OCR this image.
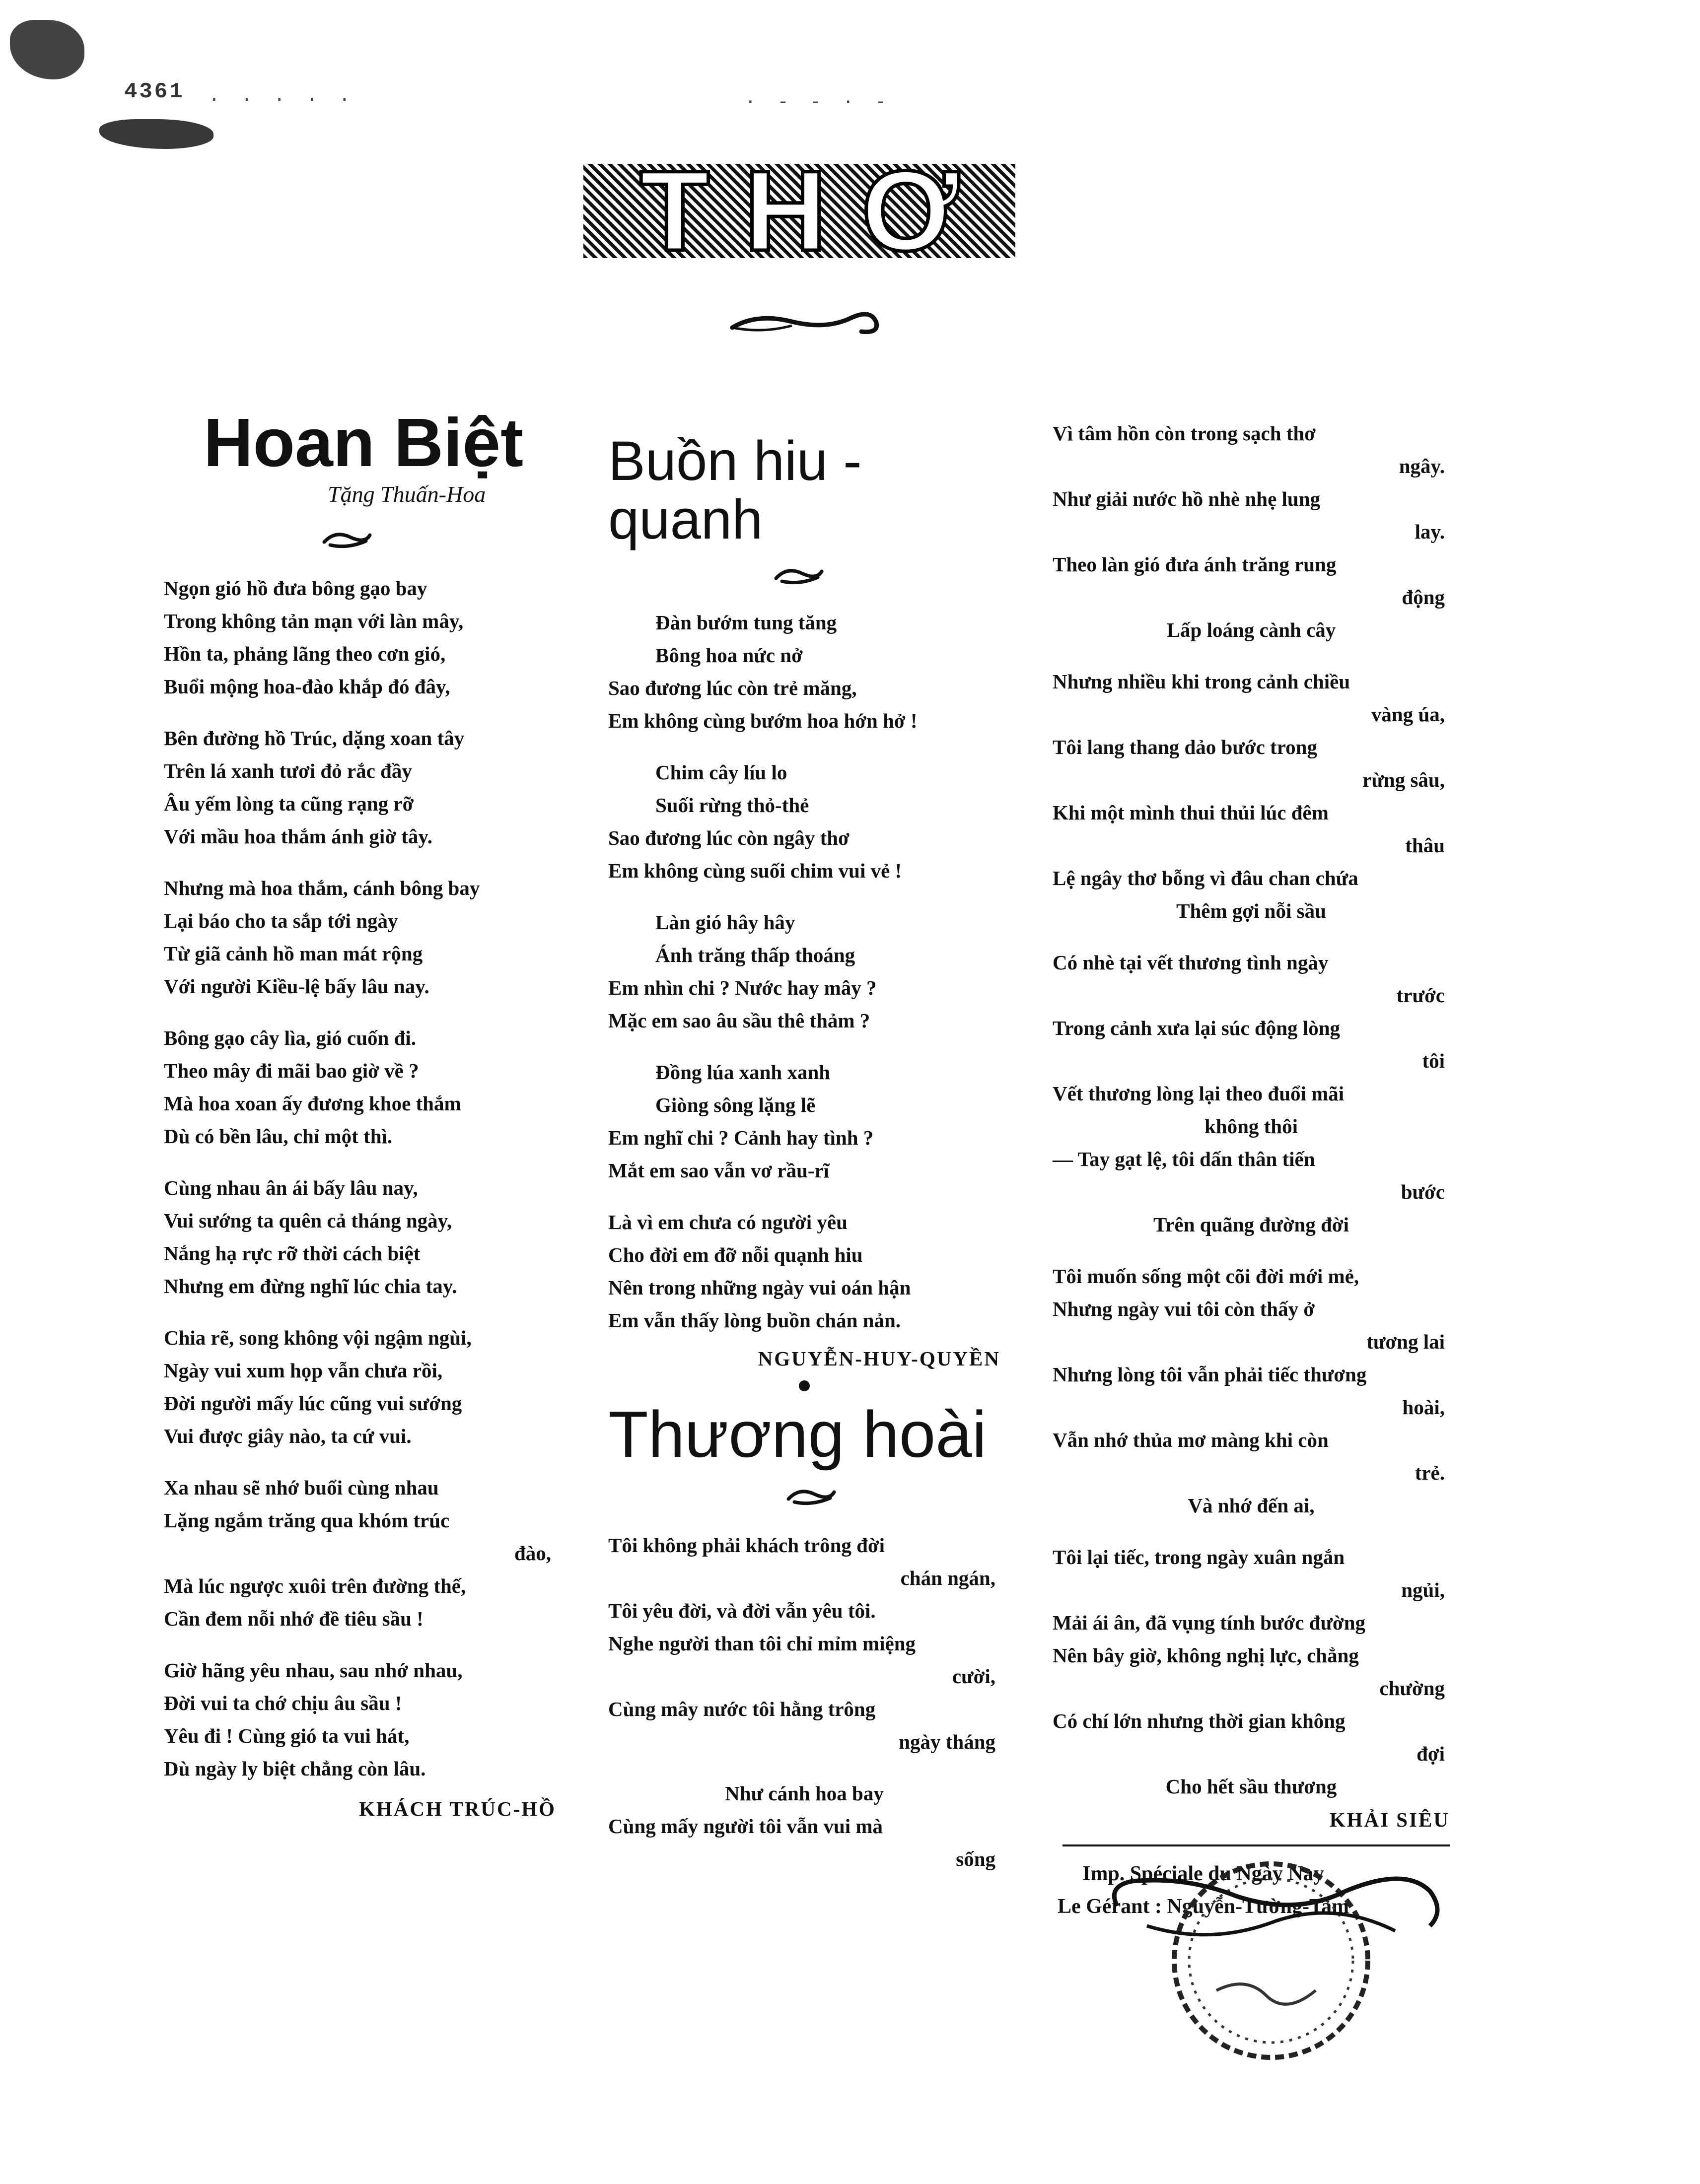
4361 · · · · ·	· - - · -
THƠ
Hoan Biệt
Tặng Thuấn-Hoa
Ngọn gió hồ đưa bông gạo bay
Trong không tản mạn với làn mây,
Hồn ta, phảng lãng theo cơn gió,
Buổi mộng hoa-đào khắp đó đây,
Bên đường hồ Trúc, dặng xoan tây
Trên lá xanh tươi đỏ rắc đầy
Âu yếm lòng ta cũng rạng rỡ
Với mầu hoa thắm ánh giờ tây.
Nhưng mà hoa thắm, cánh bông bay
Lại báo cho ta sắp tới ngày
Từ giã cảnh hồ man mát rộng
Với người Kiều-lệ bấy lâu nay.
Bông gạo cây lìa, gió cuốn đi.
Theo mây đi mãi bao giờ về ?
Mà hoa xoan ấy đương khoe thắm
Dù có bền lâu, chỉ một thì.
Cùng nhau ân ái bấy lâu nay,
Vui sướng ta quên cả tháng ngày,
Nắng hạ rực rỡ thời cách biệt
Nhưng em đừng nghĩ lúc chia tay.
Chia rẽ, song không vội ngậm ngùi,
Ngày vui xum họp vẫn chưa rồi,
Đời người mấy lúc cũng vui sướng
Vui được giây nào, ta cứ vui.
Xa nhau sẽ nhớ buổi cùng nhau
Lặng ngắm trăng qua khóm trúc
đào,
Mà lúc ngược xuôi trên đường thế,
Cần đem nỗi nhớ đề tiêu sầu !
Giờ hãng yêu nhau, sau nhớ nhau,
Đời vui ta chớ chịu âu sầu !
Yêu đi ! Cùng gió ta vui hát,
Dù ngày ly biệt chẳng còn lâu.
KHÁCH TRÚC-HỒ
Buồn hiu - quanh
Đàn bướm tung tăng
Bông hoa nức nở
Sao đương lúc còn trẻ măng,
Em không cùng bướm hoa hớn hở !
Chim cây líu lo
Suối rừng thỏ-thẻ
Sao đương lúc còn ngây thơ
Em không cùng suối chim vui vẻ !
Làn gió hây hây
Ánh trăng thấp thoáng
Em nhìn chi ? Nước hay mây ?
Mặc em sao âu sầu thê thảm ?
Đồng lúa xanh xanh
Giòng sông lặng lẽ
Em nghĩ chi ? Cảnh hay tình ?
Mắt em sao vẫn vơ rầu-rĩ
Là vì em chưa có người yêu
Cho đời em đỡ nỗi quạnh hiu
Nên trong những ngày vui oán hận
Em vẫn thấy lòng buồn chán nản.
NGUYỄN-HUY-QUYỀN
Thương hoài
Tôi không phải khách trông đời
chán ngán,
Tôi yêu đời, và đời vẫn yêu tôi.
Nghe người than tôi chỉ mỉm miệng
cười,
Cùng mây nước tôi hằng trông
ngày tháng
Như cánh hoa bay
Cùng mấy người tôi vẫn vui mà
sống
Vì tâm hồn còn trong sạch thơ
ngây.
Như giải nước hồ nhè nhẹ lung
lay.
Theo làn gió đưa ánh trăng rung
động
Lấp loáng cành cây
Nhưng nhiều khi trong cảnh chiều
vàng úa,
Tôi lang thang dảo bước trong
rừng sâu,
Khi một mình thui thủi lúc đêm
thâu
Lệ ngây thơ bỗng vì đâu chan chứa
Thêm gợi nỗi sầu
Có nhè tại vết thương tình ngày
trước
Trong cảnh xưa lại súc động lòng
tôi
Vết thương lòng lại theo đuổi mãi
không thôi
— Tay gạt lệ, tôi dấn thân tiến
bước
Trên quãng đường đời
Tôi muốn sống một cõi đời mới mẻ,
Nhưng ngày vui tôi còn thấy ở
tương lai
Nhưng lòng tôi vẫn phải tiếc thương
hoài,
Vẫn nhớ thủa mơ màng khi còn
trẻ.
Và nhớ đến ai,
Tôi lại tiếc, trong ngày xuân ngắn
ngủi,
Mải ái ân, đã vụng tính bước đường
Nên bây giờ, không nghị lực, chẳng
chường
Có chí lớn nhưng thời gian không
đợi
Cho hết sầu thương
KHẢI SIÊU
Imp. Spéciale du Ngày Nay
Le Gérant : Nguyễn-Tường-Tam
